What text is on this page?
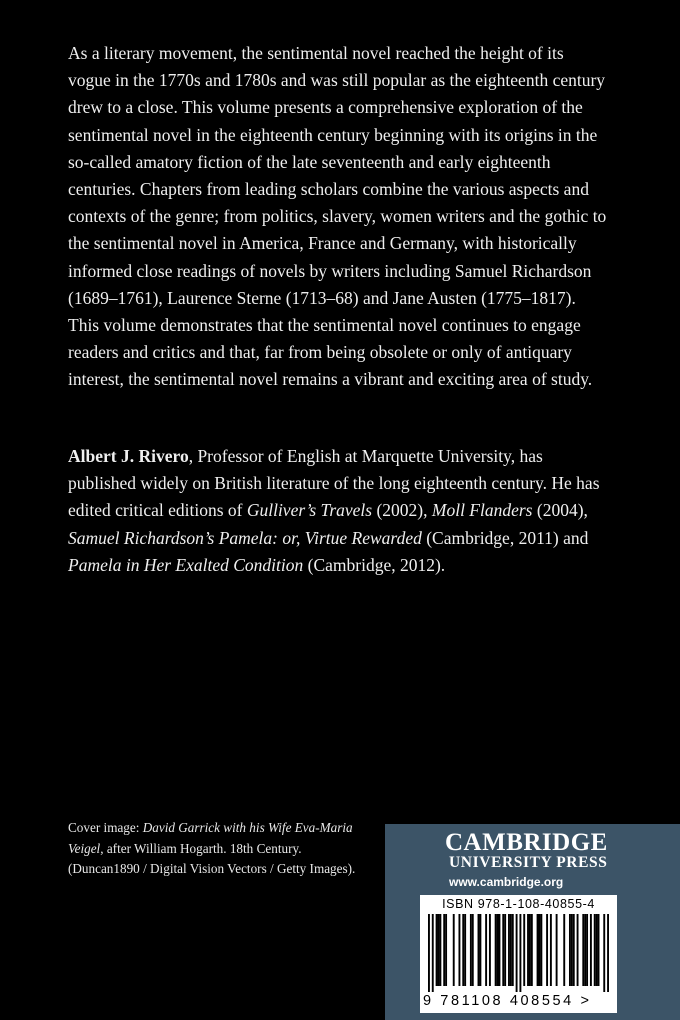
As a literary movement, the sentimental novel reached the height of its vogue in the 1770s and 1780s and was still popular as the eighteenth century drew to a close. This volume presents a comprehensive exploration of the sentimental novel in the eighteenth century beginning with its origins in the so-called amatory fiction of the late seventeenth and early eighteenth centuries. Chapters from leading scholars combine the various aspects and contexts of the genre; from politics, slavery, women writers and the gothic to the sentimental novel in America, France and Germany, with historically informed close readings of novels by writers including Samuel Richardson (1689–1761), Laurence Sterne (1713–68) and Jane Austen (1775–1817). This volume demonstrates that the sentimental novel continues to engage readers and critics and that, far from being obsolete or only of antiquary interest, the sentimental novel remains a vibrant and exciting area of study.

Albert J. Rivero, Professor of English at Marquette University, has published widely on British literature of the long eighteenth century. He has edited critical editions of Gulliver’s Travels (2002), Moll Flanders (2004), Samuel Richardson’s Pamela: or, Virtue Rewarded (Cambridge, 2011) and Pamela in Her Exalted Condition (Cambridge, 2012).

Cover image: David Garrick with his Wife Eva-Maria Veigel, after William Hogarth. 18th Century. (Duncan1890 / Digital Vision Vectors / Getty Images).

CAMBRIDGE

UNIVERSITY PRESS

www.cambridge.org

ISBN 978-1-108-40855-4

9 781108 408554 >
